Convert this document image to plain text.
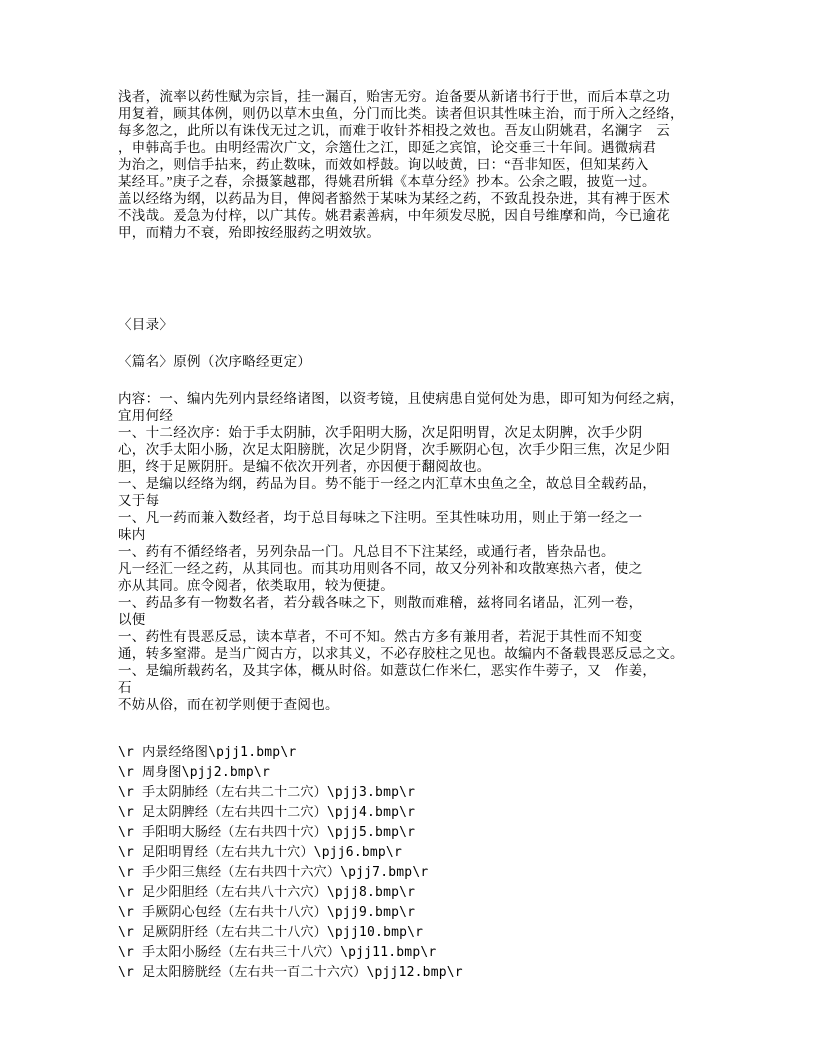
浅者，流率以药性赋为宗旨，挂一漏百，贻害无穷。迨备要从新诸书行于世，而后本草之功
用复着，顾其体例，则仍以草木虫鱼，分门而比类。读者但识其性味主治，而于所入之经络，
每多忽之，此所以有诛伐无过之讥，而难于收针芥相投之效也。吾友山阴姚君，名澜字　云
，申韩高手也。由明经需次广文，佘簉仕之江，即延之宾馆，论交垂三十年间。遇微病君
为治之，则信手拈来，药止数味，而效如桴鼓。询以岐黄，曰：“吾非知医，但知某药入
某经耳。”庚子之春，佘摄篆越郡，得姚君所辑《本草分经》抄本。公余之暇，披览一过。
盖以经络为纲，以药品为目，俾阅者豁然于某味为某经之药，不致乱投杂进，其有裨于医术
不浅哉。爰急为付梓，以广其传。姚君素善病，中年须发尽脱，因自号维摩和尚，今已逾花
甲，而精力不衰，殆即按经服药之明效欤。
〈目录〉
〈篇名〉原例（次序略经更定）
内容：一、编内先列内景经络诸图，以资考镜，且使病患自觉何处为患，即可知为何经之病，
宜用何经
一、十二经次序：始于手太阴肺，次手阳明大肠，次足阳明胃，次足太阴脾，次手少阴
心，次手太阳小肠，次足太阳膀胱，次足少阴肾，次手厥阴心包，次手少阳三焦，次足少阳
胆，终于足厥阴肝。是编不依次开列者，亦因便于翻阅故也。
一、是编以经络为纲，药品为目。势不能于一经之内汇草木虫鱼之全，故总目全载药品，
又于每
一、凡一药而兼入数经者，均于总目每味之下注明。至其性味功用，则止于第一经之一
味内
一、药有不循经络者，另列杂品一门。凡总目不下注某经，或通行者，皆杂品也。
凡一经汇一经之药，从其同也。而其功用则各不同，故又分列补和攻散寒热六者，使之
亦从其同。庶令阅者，依类取用，较为便捷。
一、药品多有一物数名者，若分载各味之下，则散而难稽，兹将同名诸品，汇列一卷，
以便
一、药性有畏恶反忌，读本草者，不可不知。然古方多有兼用者，若泥于其性而不知变
通，转多窒滞。是当广阅古方，以求其义，不必存胶柱之见也。故编内不备载畏恶反忌之文。
一、是编所载药名，及其字体，概从时俗。如薏苡仁作米仁，恶实作牛蒡子，又　作姜，
石
不妨从俗，而在初学则便于查阅也。
\r 内景经络图\pjj1.bmp\r
\r 周身图\pjj2.bmp\r
\r 手太阴肺经（左右共二十二穴）\pjj3.bmp\r
\r 足太阴脾经（左右共四十二穴）\pjj4.bmp\r
\r 手阳明大肠经（左右共四十穴）\pjj5.bmp\r
\r 足阳明胃经（左右共九十穴）\pjj6.bmp\r
\r 手少阳三焦经（左右共四十六穴）\pjj7.bmp\r
\r 足少阳胆经（左右共八十六穴）\pjj8.bmp\r
\r 手厥阴心包经（左右共十八穴）\pjj9.bmp\r
\r 足厥阴肝经（左右共二十八穴）\pjj10.bmp\r
\r 手太阳小肠经（左右共三十八穴）\pjj11.bmp\r
\r 足太阳膀胱经（左右共一百二十六穴）\pjj12.bmp\r
